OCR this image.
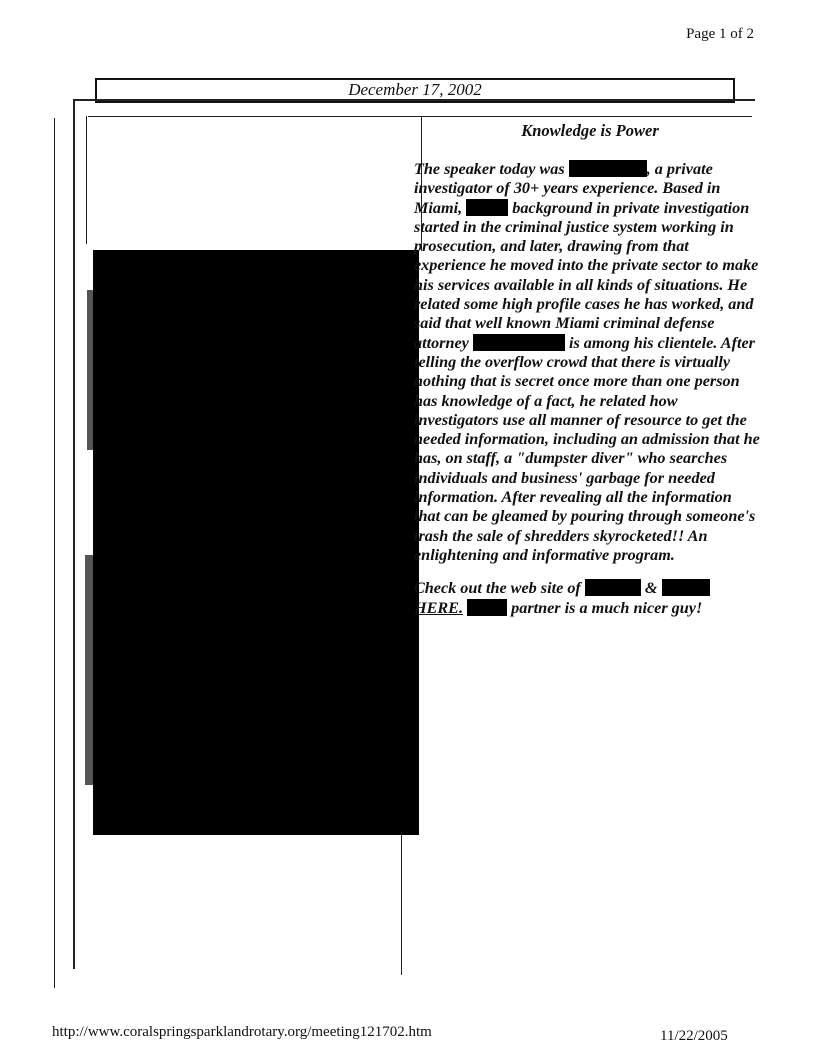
Page 1 of 2
December 17, 2002
Knowledge is Power

The speaker today was	, a private investigator of 30+ years experience. Based in Miami,	background in private investigation started in the criminal justice system working in prosecution, and later, drawing from that experience he moved into the private sector to make his services available in all kinds of situations. He related some high profile cases he has worked, and said that well known Miami criminal defense attorney	is among his clientele. After telling the overflow crowd that there is virtually nothing that is secret once more than one person has knowledge of a fact, he related how investigators use all manner of resource to get the needed information, including an admission that he has, on staff, a "dumpster diver" who searches individuals and business' garbage for needed information. After revealing all the information that can be gleamed by pouring through someone's trash the sale of shredders skyrocketed!! An enlightening and informative program.

Check out the web site of	&  HERE.	partner is a much nicer guy!

http://www.coralspringsparklandrotary.org/meeting121702.htm	11/22/2005
